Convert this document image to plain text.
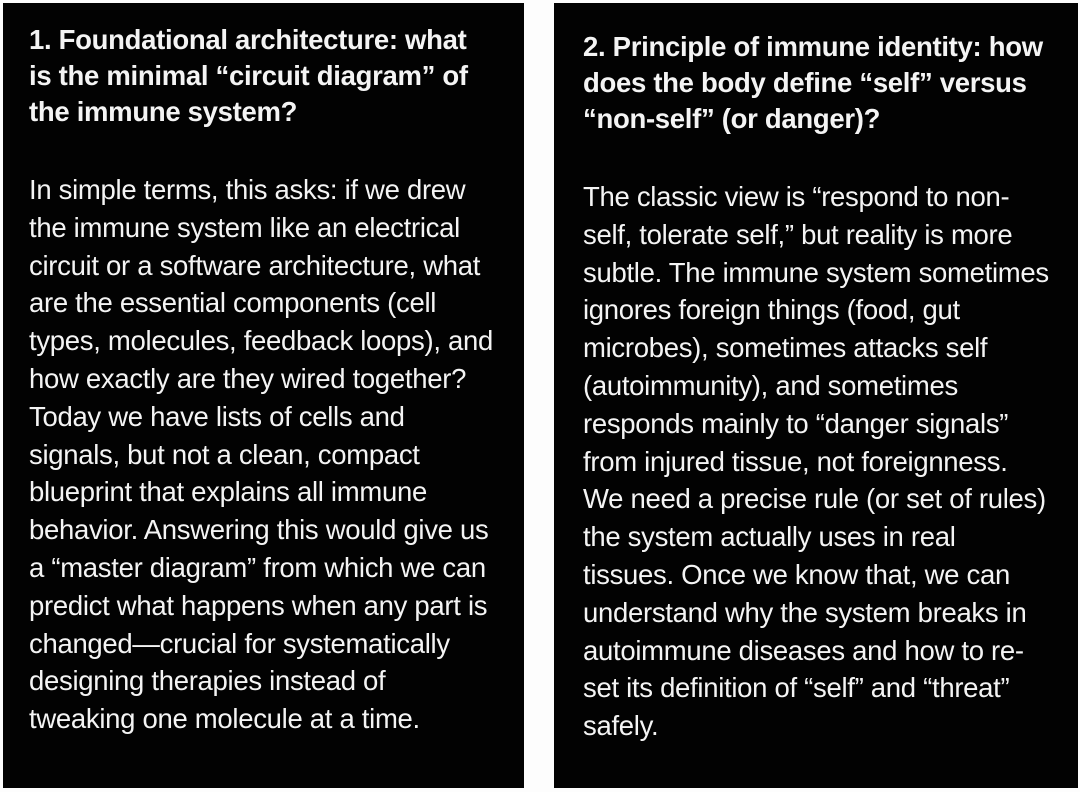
1. Foundational architecture: what is the minimal “circuit diagram” of the immune system?

In simple terms, this asks: if we drew the immune system like an electrical circuit or a software architecture, what are the essential components (cell types, molecules, feedback loops), and how exactly are they wired together? Today we have lists of cells and signals, but not a clean, compact blueprint that explains all immune behavior. Answering this would give us a “master diagram” from which we can predict what happens when any part is changed—crucial for systematically designing therapies instead of tweaking one molecule at a time.

2. Principle of immune identity: how does the body define “self” versus “non-self” (or danger)?

The classic view is “respond to non-self, tolerate self,” but reality is more subtle. The immune system sometimes ignores foreign things (food, gut microbes), sometimes attacks self (autoimmunity), and sometimes responds mainly to “danger signals” from injured tissue, not foreignness. We need a precise rule (or set of rules) the system actually uses in real tissues. Once we know that, we can understand why the system breaks in autoimmune diseases and how to re-set its definition of “self” and “threat” safely.
